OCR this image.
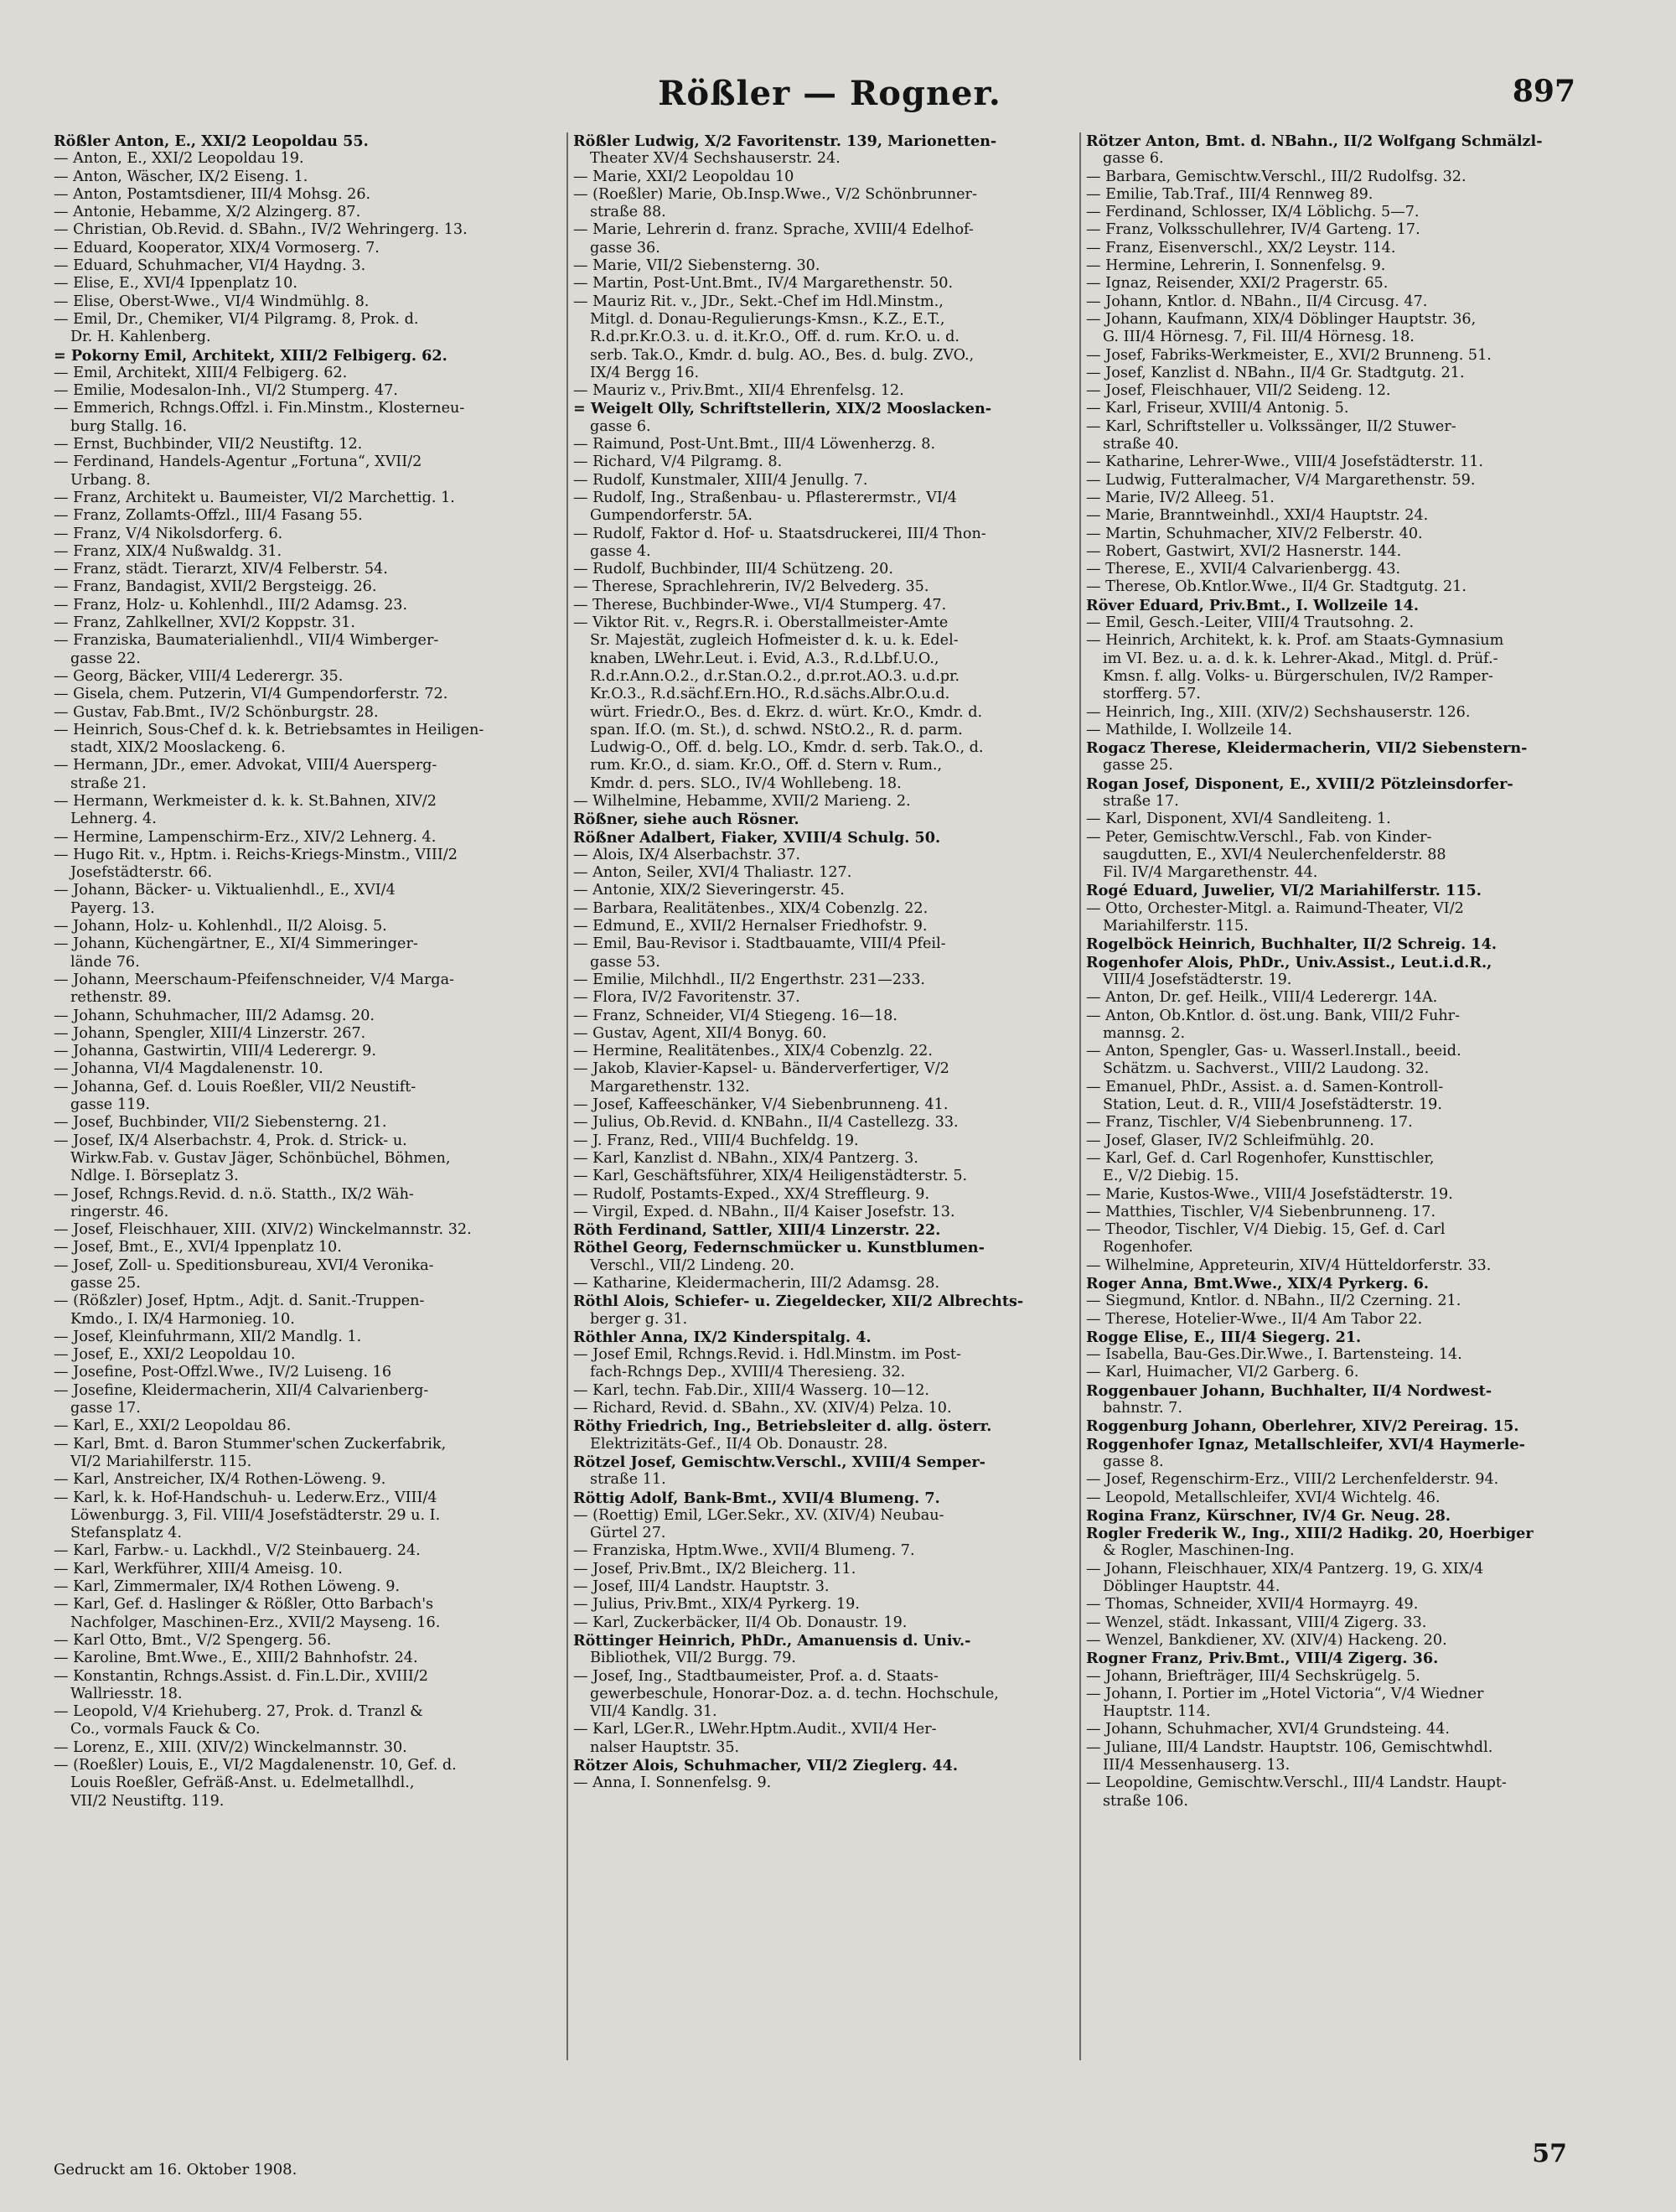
Rößler — Rogner.	897
Rößler Anton, E., XXI/2 Leopoldau 55.
— Anton, E., XXI/2 Leopoldau 19.
— Anton, Wäscher, IX/2 Eiseng. 1.
— Anton, Postamtsdiener, III/4 Mohsg. 26.
— Antonie, Hebamme, X/2 Alzingerg. 87.
— Christian, Ob.Revid. d. SBahn., IV/2 Wehringerg. 13.
— Eduard, Kooperator, XIX/4 Vormoserg. 7.
— Eduard, Schuhmacher, VI/4 Haydng. 3.
— Elise, E., XVI/4 Ippenplatz 10.
— Elise, Oberst-Wwe., VI/4 Windmühlg. 8.
— Emil, Dr., Chemiker, VI/4 Pilgramg. 8, Prok. d.
Dr. H. Kahlenberg.
= Pokorny Emil, Architekt, XIII/2 Felbigerg. 62.
— Emil, Architekt, XIII/4 Felbigerg. 62.
— Emilie, Modesalon-Inh., VI/2 Stumperg. 47.
— Emmerich, Rchngs.Offzl. i. Fin.Minstm., Klosterneu-
burg Stallg. 16.
— Ernst, Buchbinder, VII/2 Neustiftg. 12.
— Ferdinand, Handels-Agentur „Fortuna“, XVII/2
Urbang. 8.
— Franz, Architekt u. Baumeister, VI/2 Marchettig. 1.
— Franz, Zollamts-Offzl., III/4 Fasang 55.
— Franz, V/4 Nikolsdorferg. 6.
— Franz, XIX/4 Nußwaldg. 31.
— Franz, städt. Tierarzt, XIV/4 Felberstr. 54.
— Franz, Bandagist, XVII/2 Bergsteigg. 26.
— Franz, Holz- u. Kohlenhdl., III/2 Adamsg. 23.
— Franz, Zahlkellner, XVI/2 Koppstr. 31.
— Franziska, Baumaterialienhdl., VII/4 Wimberger-
gasse 22.
— Georg, Bäcker, VIII/4 Lederergr. 35.
— Gisela, chem. Putzerin, VI/4 Gumpendorferstr. 72.
— Gustav, Fab.Bmt., IV/2 Schönburgstr. 28.
— Heinrich, Sous-Chef d. k. k. Betriebsamtes in Heiligen-
stadt, XIX/2 Mooslackeng. 6.
— Hermann, JDr., emer. Advokat, VIII/4 Auersperg-
straße 21.
— Hermann, Werkmeister d. k. k. St.Bahnen, XIV/2
Lehnerg. 4.
— Hermine, Lampenschirm-Erz., XIV/2 Lehnerg. 4.
— Hugo Rit. v., Hptm. i. Reichs-Kriegs-Minstm., VIII/2
Josefstädterstr. 66.
— Johann, Bäcker- u. Viktualienhdl., E., XVI/4
Payerg. 13.
— Johann, Holz- u. Kohlenhdl., II/2 Aloisg. 5.
— Johann, Küchengärtner, E., XI/4 Simmeringer-
lände 76.
— Johann, Meerschaum-Pfeifenschneider, V/4 Marga-
rethenstr. 89.
— Johann, Schuhmacher, III/2 Adamsg. 20.
— Johann, Spengler, XIII/4 Linzerstr. 267.
— Johanna, Gastwirtin, VIII/4 Lederergr. 9.
— Johanna, VI/4 Magdalenenstr. 10.
— Johanna, Gef. d. Louis Roeßler, VII/2 Neustift-
gasse 119.
— Josef, Buchbinder, VII/2 Siebensterng. 21.
— Josef, IX/4 Alserbachstr. 4, Prok. d. Strick- u.
Wirkw.Fab. v. Gustav Jäger, Schönbüchel, Böhmen,
Ndlge. I. Börseplatz 3.
— Josef, Rchngs.Revid. d. n.ö. Statth., IX/2 Wäh-
ringerstr. 46.
— Josef, Fleischhauer, XIII. (XIV/2) Winckelmannstr. 32.
— Josef, Bmt., E., XVI/4 Ippenplatz 10.
— Josef, Zoll- u. Speditionsbureau, XVI/4 Veronika-
gasse 25.
— (Rößzler) Josef, Hptm., Adjt. d. Sanit.-Truppen-
Kmdo., I. IX/4 Harmonieg. 10.
— Josef, Kleinfuhrmann, XII/2 Mandlg. 1.
— Josef, E., XXI/2 Leopoldau 10.
— Josefine, Post-Offzl.Wwe., IV/2 Luiseng. 16
— Josefine, Kleidermacherin, XII/4 Calvarienberg-
gasse 17.
— Karl, E., XXI/2 Leopoldau 86.
— Karl, Bmt. d. Baron Stummer'schen Zuckerfabrik,
VI/2 Mariahilferstr. 115.
— Karl, Anstreicher, IX/4 Rothen-Löweng. 9.
— Karl, k. k. Hof-Handschuh- u. Lederw.Erz., VIII/4
Löwenburgg. 3, Fil. VIII/4 Josefstädterstr. 29 u. I.
Stefansplatz 4.
— Karl, Farbw.- u. Lackhdl., V/2 Steinbauerg. 24.
— Karl, Werkführer, XIII/4 Ameisg. 10.
— Karl, Zimmermaler, IX/4 Rothen Löweng. 9.
— Karl, Gef. d. Haslinger & Rößler, Otto Barbach's
Nachfolger, Maschinen-Erz., XVII/2 Mayseng. 16.
— Karl Otto, Bmt., V/2 Spengerg. 56.
— Karoline, Bmt.Wwe., E., XIII/2 Bahnhofstr. 24.
— Konstantin, Rchngs.Assist. d. Fin.L.Dir., XVIII/2
Wallriesstr. 18.
— Leopold, V/4 Kriehuberg. 27, Prok. d. Tranzl &
Co., vormals Fauck & Co.
— Lorenz, E., XIII. (XIV/2) Winckelmannstr. 30.
— (Roeßler) Louis, E., VI/2 Magdalenenstr. 10, Gef. d.
Louis Roeßler, Gefräß-Anst. u. Edelmetallhdl.,
VII/2 Neustiftg. 119.
Rößler Ludwig, X/2 Favoritenstr. 139, Marionetten-
Theater XV/4 Sechshauserstr. 24.
— Marie, XXI/2 Leopoldau 10
— (Roeßler) Marie, Ob.Insp.Wwe., V/2 Schönbrunner-
straße 88.
— Marie, Lehrerin d. franz. Sprache, XVIII/4 Edelhof-
gasse 36.
— Marie, VII/2 Siebensterng. 30.
— Martin, Post-Unt.Bmt., IV/4 Margarethenstr. 50.
— Mauriz Rit. v., JDr., Sekt.-Chef im Hdl.Minstm.,
Mitgl. d. Donau-Regulierungs-Kmsn., K.Z., E.T.,
R.d.pr.Kr.O.3. u. d. it.Kr.O., Off. d. rum. Kr.O. u. d.
serb. Tak.O., Kmdr. d. bulg. AO., Bes. d. bulg. ZVO.,
IX/4 Bergg 16.
— Mauriz v., Priv.Bmt., XII/4 Ehrenfelsg. 12.
= Weigelt Olly, Schriftstellerin, XIX/2 Mooslacken-
gasse 6.
— Raimund, Post-Unt.Bmt., III/4 Löwenherzg. 8.
— Richard, V/4 Pilgramg. 8.
— Rudolf, Kunstmaler, XIII/4 Jenullg. 7.
— Rudolf, Ing., Straßenbau- u. Pflasterermstr., VI/4
Gumpendorferstr. 5A.
— Rudolf, Faktor d. Hof- u. Staatsdruckerei, III/4 Thon-
gasse 4.
— Rudolf, Buchbinder, III/4 Schützeng. 20.
— Therese, Sprachlehrerin, IV/2 Belvederg. 35.
— Therese, Buchbinder-Wwe., VI/4 Stumperg. 47.
— Viktor Rit. v., Regrs.R. i. Oberstallmeister-Amte
Sr. Majestät, zugleich Hofmeister d. k. u. k. Edel-
knaben, LWehr.Leut. i. Evid, A.3., R.d.Lbf.U.O.,
R.d.r.Ann.O.2., d.r.Stan.O.2., d.pr.rot.AO.3. u.d.pr.
Kr.O.3., R.d.sächf.Ern.HO., R.d.sächs.Albr.O.u.d.
würt. Friedr.O., Bes. d. Ekrz. d. würt. Kr.O., Kmdr. d.
span. If.O. (m. St.), d. schwd. NStO.2., R. d. parm.
Ludwig-O., Off. d. belg. LO., Kmdr. d. serb. Tak.O., d.
rum. Kr.O., d. siam. Kr.O., Off. d. Stern v. Rum.,
Kmdr. d. pers. SLO., IV/4 Wohllebeng. 18.
— Wilhelmine, Hebamme, XVII/2 Marieng. 2.
Rößner, siehe auch Rösner.
Rößner Adalbert, Fiaker, XVIII/4 Schulg. 50.
— Alois, IX/4 Alserbachstr. 37.
— Anton, Seiler, XVI/4 Thaliastr. 127.
— Antonie, XIX/2 Sieveringerstr. 45.
— Barbara, Realitätenbes., XIX/4 Cobenzlg. 22.
— Edmund, E., XVII/2 Hernalser Friedhofstr. 9.
— Emil, Bau-Revisor i. Stadtbauamte, VIII/4 Pfeil-
gasse 53.
— Emilie, Milchhdl., II/2 Engerthstr. 231—233.
— Flora, IV/2 Favoritenstr. 37.
— Franz, Schneider, VI/4 Stiegeng. 16—18.
— Gustav, Agent, XII/4 Bonyg. 60.
— Hermine, Realitätenbes., XIX/4 Cobenzlg. 22.
— Jakob, Klavier-Kapsel- u. Bänderverfertiger, V/2
Margarethenstr. 132.
— Josef, Kaffeeschänker, V/4 Siebenbrunneng. 41.
— Julius, Ob.Revid. d. KNBahn., II/4 Castellezg. 33.
— J. Franz, Red., VIII/4 Buchfeldg. 19.
— Karl, Kanzlist d. NBahn., XIX/4 Pantzerg. 3.
— Karl, Geschäftsführer, XIX/4 Heiligenstädterstr. 5.
— Rudolf, Postamts-Exped., XX/4 Streffleurg. 9.
— Virgil, Exped. d. NBahn., II/4 Kaiser Josefstr. 13.
Röth Ferdinand, Sattler, XIII/4 Linzerstr. 22.
Röthel Georg, Federnschmücker u. Kunstblumen-
Verschl., VII/2 Lindeng. 20.
— Katharine, Kleidermacherin, III/2 Adamsg. 28.
Röthl Alois, Schiefer- u. Ziegeldecker, XII/2 Albrechts-
berger g. 31.
Röthler Anna, IX/2 Kinderspitalg. 4.
— Josef Emil, Rchngs.Revid. i. Hdl.Minstm. im Post-
fach-Rchngs Dep., XVIII/4 Theresieng. 32.
— Karl, techn. Fab.Dir., XIII/4 Wasserg. 10—12.
— Richard, Revid. d. SBahn., XV. (XIV/4) Pelza. 10.
Röthy Friedrich, Ing., Betriebsleiter d. allg. österr.
Elektrizitäts-Gef., II/4 Ob. Donaustr. 28.
Rötzel Josef, Gemischtw.Verschl., XVIII/4 Semper-
straße 11.
Röttig Adolf, Bank-Bmt., XVII/4 Blumeng. 7.
— (Roettig) Emil, LGer.Sekr., XV. (XIV/4) Neubau-
Gürtel 27.
— Franziska, Hptm.Wwe., XVII/4 Blumeng. 7.
— Josef, Priv.Bmt., IX/2 Bleicherg. 11.
— Josef, III/4 Landstr. Hauptstr. 3.
— Julius, Priv.Bmt., XIX/4 Pyrkerg. 19.
— Karl, Zuckerbäcker, II/4 Ob. Donaustr. 19.
Röttinger Heinrich, PhDr., Amanuensis d. Univ.-
Bibliothek, VII/2 Burgg. 79.
— Josef, Ing., Stadtbaumeister, Prof. a. d. Staats-
gewerbeschule, Honorar-Doz. a. d. techn. Hochschule,
VII/4 Kandlg. 31.
— Karl, LGer.R., LWehr.Hptm.Audit., XVII/4 Her-
nalser Hauptstr. 35.
Rötzer Alois, Schuhmacher, VII/2 Zieglerg. 44.
— Anna, I. Sonnenfelsg. 9.
Rötzer Anton, Bmt. d. NBahn., II/2 Wolfgang Schmälzl-
gasse 6.
— Barbara, Gemischtw.Verschl., III/2 Rudolfsg. 32.
— Emilie, Tab.Traf., III/4 Rennweg 89.
— Ferdinand, Schlosser, IX/4 Löblichg. 5—7.
— Franz, Volksschullehrer, IV/4 Garteng. 17.
— Franz, Eisenverschl., XX/2 Leystr. 114.
— Hermine, Lehrerin, I. Sonnenfelsg. 9.
— Ignaz, Reisender, XXI/2 Pragerstr. 65.
— Johann, Kntlor. d. NBahn., II/4 Circusg. 47.
— Johann, Kaufmann, XIX/4 Döblinger Hauptstr. 36,
G. III/4 Hörnesg. 7, Fil. III/4 Hörnesg. 18.
— Josef, Fabriks-Werkmeister, E., XVI/2 Brunneng. 51.
— Josef, Kanzlist d. NBahn., II/4 Gr. Stadtgutg. 21.
— Josef, Fleischhauer, VII/2 Seideng. 12.
— Karl, Friseur, XVIII/4 Antonig. 5.
— Karl, Schriftsteller u. Volkssänger, II/2 Stuwer-
straße 40.
— Katharine, Lehrer-Wwe., VIII/4 Josefstädterstr. 11.
— Ludwig, Futteralmacher, V/4 Margarethenstr. 59.
— Marie, IV/2 Alleeg. 51.
— Marie, Branntweinhdl., XXI/4 Hauptstr. 24.
— Martin, Schuhmacher, XIV/2 Felberstr. 40.
— Robert, Gastwirt, XVI/2 Hasnerstr. 144.
— Therese, E., XVII/4 Calvarienbergg. 43.
— Therese, Ob.Kntlor.Wwe., II/4 Gr. Stadtgutg. 21.
Röver Eduard, Priv.Bmt., I. Wollzeile 14.
— Emil, Gesch.-Leiter, VIII/4 Trautsohng. 2.
— Heinrich, Architekt, k. k. Prof. am Staats-Gymnasium
im VI. Bez. u. a. d. k. k. Lehrer-Akad., Mitgl. d. Prüf.-
Kmsn. f. allg. Volks- u. Bürgerschulen, IV/2 Ramper-
storfferg. 57.
— Heinrich, Ing., XIII. (XIV/2) Sechshauserstr. 126.
— Mathilde, I. Wollzeile 14.
Rogacz Therese, Kleidermacherin, VII/2 Siebenstern-
gasse 25.
Rogan Josef, Disponent, E., XVIII/2 Pötzleinsdorfer-
straße 17.
— Karl, Disponent, XVI/4 Sandleiteng. 1.
— Peter, Gemischtw.Verschl., Fab. von Kinder-
saugdutten, E., XVI/4 Neulerchenfelderstr. 88
Fil. IV/4 Margarethenstr. 44.
Rogé Eduard, Juwelier, VI/2 Mariahilferstr. 115.
— Otto, Orchester-Mitgl. a. Raimund-Theater, VI/2
Mariahilferstr. 115.
Rogelböck Heinrich, Buchhalter, II/2 Schreig. 14.
Rogenhofer Alois, PhDr., Univ.Assist., Leut.i.d.R.,
VIII/4 Josefstädterstr. 19.
— Anton, Dr. gef. Heilk., VIII/4 Lederergr. 14A.
— Anton, Ob.Kntlor. d. öst.ung. Bank, VIII/2 Fuhr-
mannsg. 2.
— Anton, Spengler, Gas- u. Wasserl.Install., beeid.
Schätzm. u. Sachverst., VIII/2 Laudong. 32.
— Emanuel, PhDr., Assist. a. d. Samen-Kontroll-
Station, Leut. d. R., VIII/4 Josefstädterstr. 19.
— Franz, Tischler, V/4 Siebenbrunneng. 17.
— Josef, Glaser, IV/2 Schleifmühlg. 20.
— Karl, Gef. d. Carl Rogenhofer, Kunsttischler,
E., V/2 Diebig. 15.
— Marie, Kustos-Wwe., VIII/4 Josefstädterstr. 19.
— Matthies, Tischler, V/4 Siebenbrunneng. 17.
— Theodor, Tischler, V/4 Diebig. 15, Gef. d. Carl
Rogenhofer.
— Wilhelmine, Appreteurin, XIV/4 Hütteldorferstr. 33.
Roger Anna, Bmt.Wwe., XIX/4 Pyrkerg. 6.
— Siegmund, Kntlor. d. NBahn., II/2 Czerning. 21.
— Therese, Hotelier-Wwe., II/4 Am Tabor 22.
Rogge Elise, E., III/4 Siegerg. 21.
— Isabella, Bau-Ges.Dir.Wwe., I. Bartensteing. 14.
— Karl, Huimacher, VI/2 Garberg. 6.
Roggenbauer Johann, Buchhalter, II/4 Nordwest-
bahnstr. 7.
Roggenburg Johann, Oberlehrer, XIV/2 Pereirag. 15.
Roggenhofer Ignaz, Metallschleifer, XVI/4 Haymerle-
gasse 8.
— Josef, Regenschirm-Erz., VIII/2 Lerchenfelderstr. 94.
— Leopold, Metallschleifer, XVI/4 Wichtelg. 46.
Rogina Franz, Kürschner, IV/4 Gr. Neug. 28.
Rogler Frederik W., Ing., XIII/2 Hadikg. 20, Hoerbiger
& Rogler, Maschinen-Ing.
— Johann, Fleischhauer, XIX/4 Pantzerg. 19, G. XIX/4
Döblinger Hauptstr. 44.
— Thomas, Schneider, XVII/4 Hormayrg. 49.
— Wenzel, städt. Inkassant, VIII/4 Zigerg. 33.
— Wenzel, Bankdiener, XV. (XIV/4) Hackeng. 20.
Rogner Franz, Priv.Bmt., VIII/4 Zigerg. 36.
— Johann, Briefträger, III/4 Sechskrügelg. 5.
— Johann, I. Portier im „Hotel Victoria“, V/4 Wiedner
Hauptstr. 114.
— Johann, Schuhmacher, XVI/4 Grundsteing. 44.
— Juliane, III/4 Landstr. Hauptstr. 106, Gemischtwhdl.
III/4 Messenhauserg. 13.
— Leopoldine, Gemischtw.Verschl., III/4 Landstr. Haupt-
straße 106.
Gedruckt am 16. Oktober 1908.
57
